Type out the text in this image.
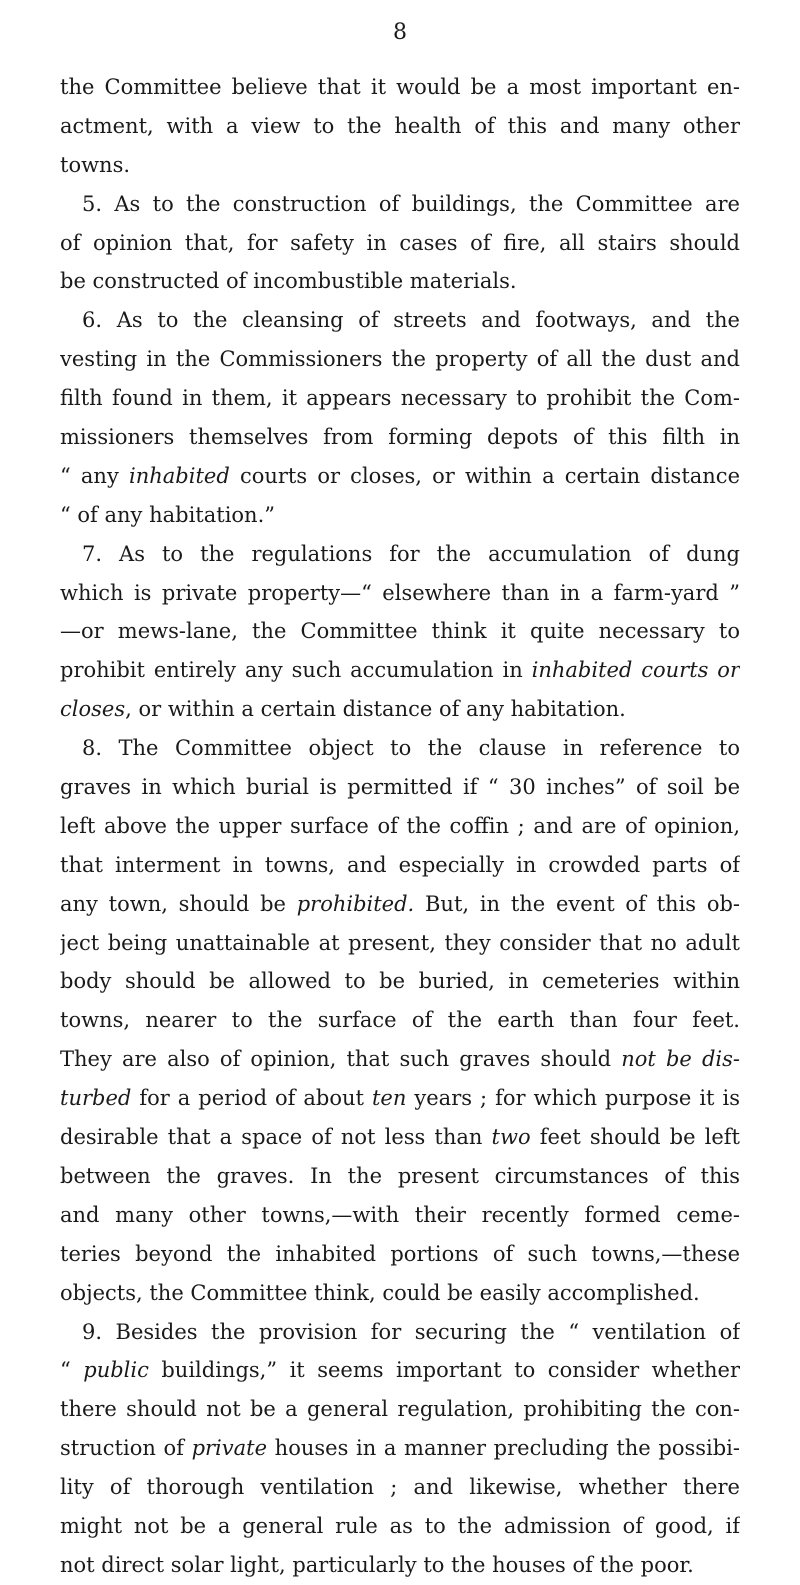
8
the Committee believe that it would be a most important en-
actment, with a view to the health of this and many other
towns.
5. As to the construction of buildings, the Committee are
of opinion that, for safety in cases of fire, all stairs should
be constructed of incombustible materials.
6. As to the cleansing of streets and footways, and the
vesting in the Commissioners the property of all the dust and
filth found in them, it appears necessary to prohibit the Com-
missioners themselves from forming depots of this filth in
“ any inhabited courts or closes, or within a certain distance
“ of any habitation.”
7. As to the regulations for the accumulation of dung
which is private property—“ elsewhere than in a farm-yard ”
—or mews-lane, the Committee think it quite necessary to
prohibit entirely any such accumulation in inhabited courts or
closes, or within a certain distance of any habitation.
8. The Committee object to the clause in reference to
graves in which burial is permitted if “ 30 inches” of soil be
left above the upper surface of the coffin ; and are of opinion,
that interment in towns, and especially in crowded parts of
any town, should be prohibited. But, in the event of this ob-
ject being unattainable at present, they consider that no adult
body should be allowed to be buried, in cemeteries within
towns, nearer to the surface of the earth than four feet.
They are also of opinion, that such graves should not be dis-
turbed for a period of about ten years ; for which purpose it is
desirable that a space of not less than two feet should be left
between the graves. In the present circumstances of this
and many other towns,—with their recently formed ceme-
teries beyond the inhabited portions of such towns,—these
objects, the Committee think, could be easily accomplished.
9. Besides the provision for securing the “ ventilation of
“ public buildings,” it seems important to consider whether
there should not be a general regulation, prohibiting the con-
struction of private houses in a manner precluding the possibi-
lity of thorough ventilation ; and likewise, whether there
might not be a general rule as to the admission of good, if
not direct solar light, particularly to the houses of the poor.
